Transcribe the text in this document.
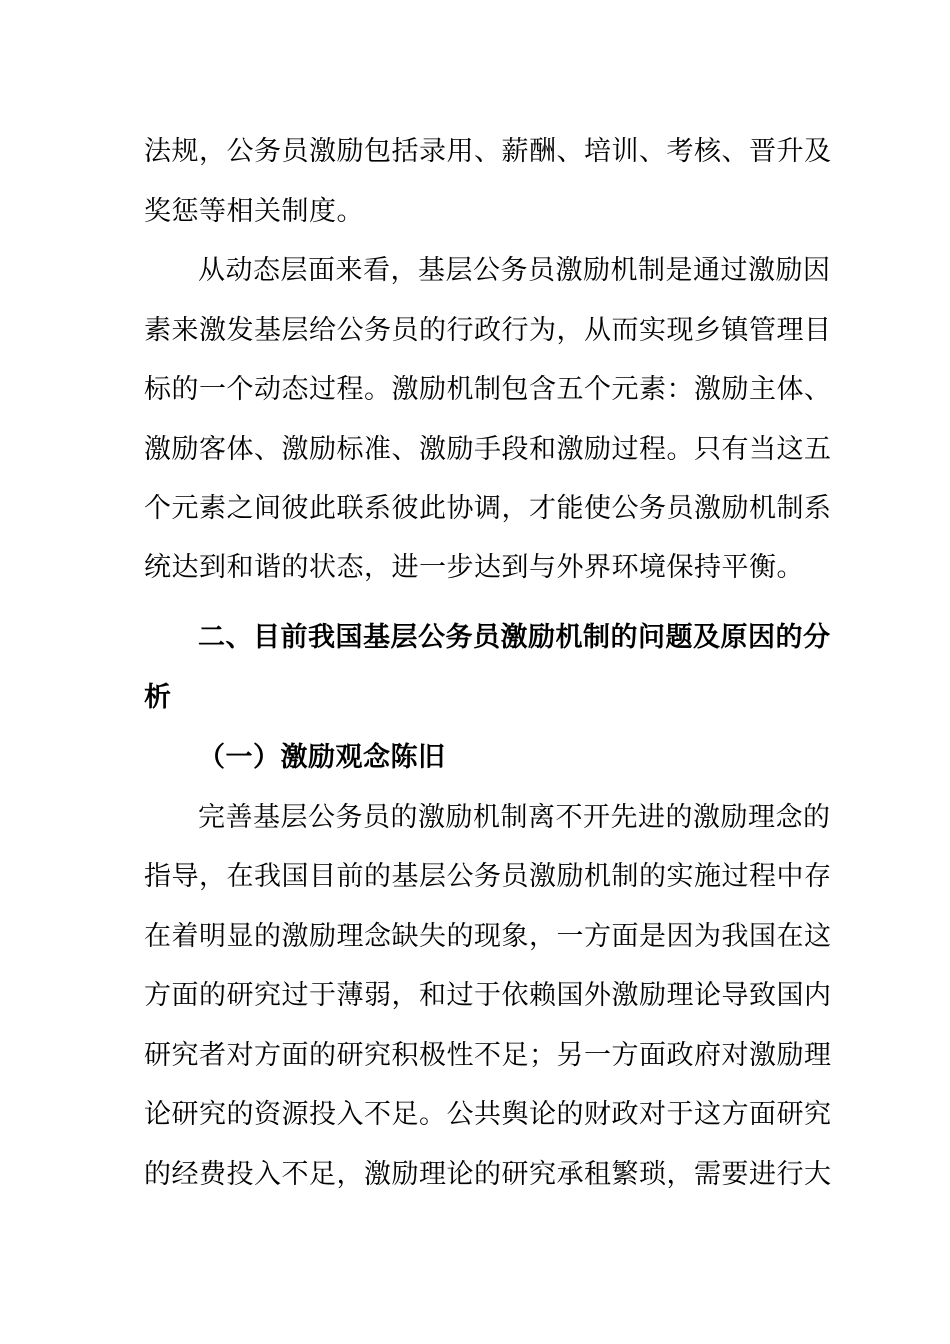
法规，公务员激励包括录用、薪酬、培训、考核、晋升及
奖惩等相关制度。
从动态层面来看，基层公务员激励机制是通过激励因
素来激发基层给公务员的行政行为，从而实现乡镇管理目
标的一个动态过程。激励机制包含五个元素：激励主体、
激励客体、激励标准、激励手段和激励过程。只有当这五
个元素之间彼此联系彼此协调，才能使公务员激励机制系
统达到和谐的状态，进一步达到与外界环境保持平衡。
二、目前我国基层公务员激励机制的问题及原因的分
析
（一）激励观念陈旧
完善基层公务员的激励机制离不开先进的激励理念的
指导，在我国目前的基层公务员激励机制的实施过程中存
在着明显的激励理念缺失的现象，一方面是因为我国在这
方面的研究过于薄弱，和过于依赖国外激励理论导致国内
研究者对方面的研究积极性不足；另一方面政府对激励理
论研究的资源投入不足。公共舆论的财政对于这方面研究
的经费投入不足，激励理论的研究承租繁琐，需要进行大
